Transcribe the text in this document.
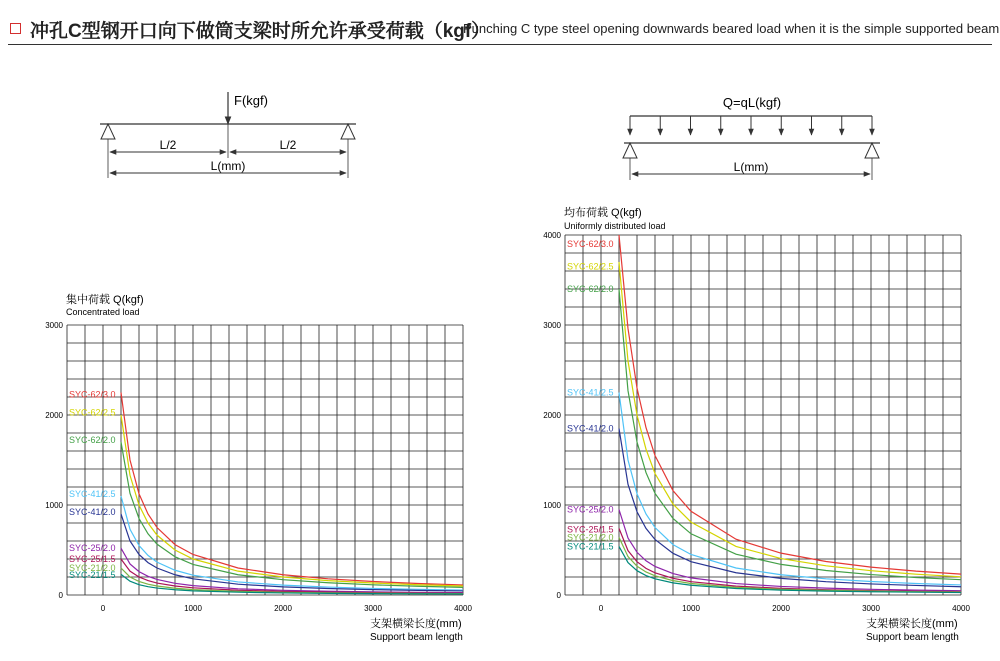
冲孔C型钢开口向下做筒支梁时所允许承受荷载（kgf）
Punching C type steel opening downwards beared load when it is the simple supported beam
F(kgf)
L/2	L/2
L(mm)
Q=qL(kgf)
L(mm)
集中荷载 Q(kgf)
Concentrated load
0	1000	2000	3000	4000
0
1000
2000
3000
SYC-62/3.0
SYC-62/2.5
SYC-62/2.0
SYC-41/2.5
SYC-41/2.0
SYC-25/2.0
SYC-25/1.5
SYC-21/2.0
SYC-21/1.5
支架横梁长度(mm)
Support beam length
均布荷载 Q(kgf)
Uniformly distributed load
0	1000	2000	3000	4000
0
1000
2000
3000
4000
SYC-62/3.0
SYC-62/2.5
SYC-62/2.0
SYC-41/2.5
SYC-41/2.0
SYC-25/2.0
SYC-25/1.5
SYC-21/2.0
SYC-21/1.5
支架横梁长度(mm)
Support beam length
